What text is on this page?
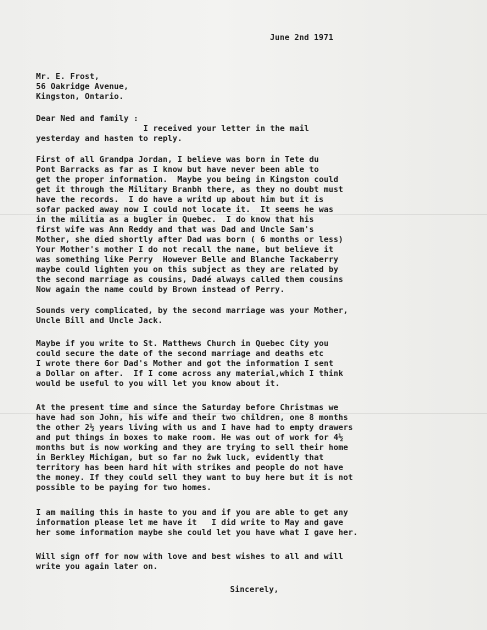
June 2nd 1971
Mr. E. Frost,
56 Oakridge Avenue,
Kingston, Ontario.
Dear Ned and family :
I received your letter in the mail
yesterday and hasten to reply.
First of all Grandpa Jordan, I believe was born in Tete du
Pont Barracks as far as I know but have never been able to
get the proper information.  Maybe you being in Kingston could
get it through the Military Branbh there, as they no doubt must
have the records.  I do have a writd up about him but it is
sofar packed away now I could not locate it.  It seems he was
in the militia as a bugler in Quebec.  I do know that his
first wife was Ann Reddy and that was Dad and Uncle Sam's
Mother, she died shortly after Dad was born ( 6 months or less)
Your Mother's mother I do not recall the name, but believe it
was something like Perry  However Belle and Blanche Tackaberry
maybe could lighten you on this subject as they are related by
the second marriage as cousins, Dadé always called them cousins
Now again the name could by Brown instead of Perry.
Sounds very complicated, by the second marriage was your Mother,
Uncle Bill and Uncle Jack.
Maybe if you write to St. Matthews Church in Quebec City you
could secure the date of the second marriage and deaths etc
I wrote there 6or Dad's Mother and got the information I sent
a Dollar on after.  If I come across any material,which I think
would be useful to you will let you know about it.
At the present time and since the Saturday before Christmas we
have had son John, his wife and their two children, one 8 months
the other 2½ years living with us and I have had to empty drawers
and put things in boxes to make room. He was out of work for 4½
months but is now working and they are trying to sell their home
in Berkley Michigan, but so far no ẑwk luck, evidently that
territory has been hard hit with strikes and people do not have
the money. If they could sell they want to buy here but it is not
possible to be paying for two homes.
I am mailing this in haste to you and if you are able to get any
information please let me have it   I did write to May and gave
her some information maybe she could let you have what I gave her.
Will sign off for now with love and best wishes to all and will
write you again later on.
Sincerely,
